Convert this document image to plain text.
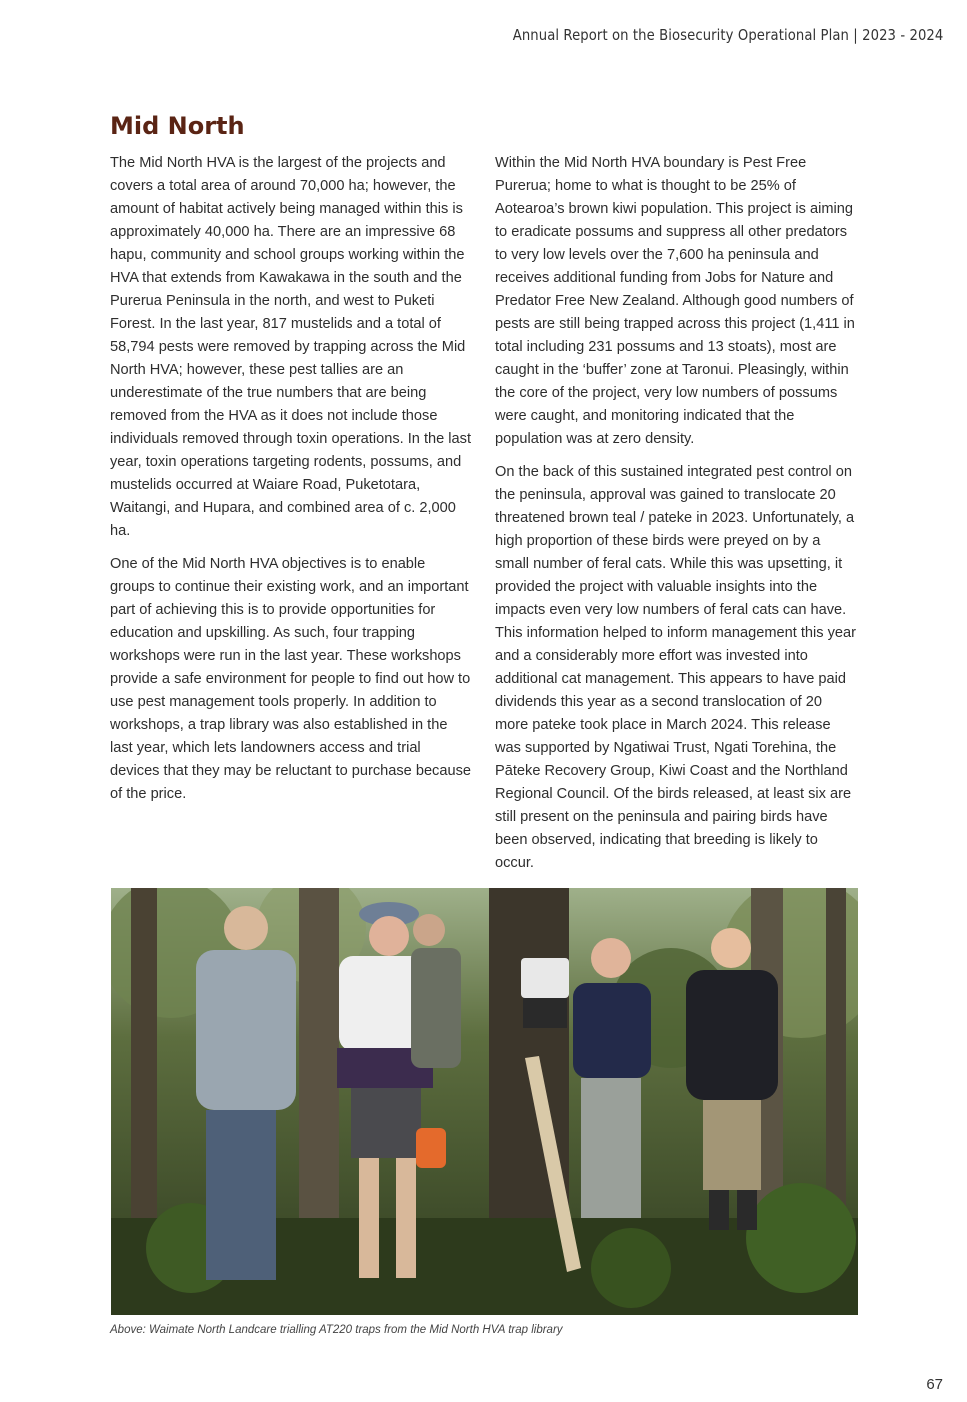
Annual Report on the Biosecurity Operational Plan | 2023 - 2024
Mid North

The Mid North HVA is the largest of the projects and covers a total area of around 70,000 ha; however, the amount of habitat actively being managed within this is approximately 40,000 ha. There are an impressive 68 hapu, community and school groups working within the HVA that extends from Kawakawa in the south and the Purerua Peninsula in the north, and west to Puketi Forest. In the last year, 817 mustelids and a total of 58,794 pests were removed by trapping across the Mid North HVA; however, these pest tallies are an underestimate of the true numbers that are being removed from the HVA as it does not include those individuals removed through toxin operations. In the last year, toxin operations targeting rodents, possums, and mustelids occurred at Waiare Road, Puketotara, Waitangi, and Hupara, and combined area of c. 2,000 ha.

One of the Mid North HVA objectives is to enable groups to continue their existing work, and an important part of achieving this is to provide opportunities for education and upskilling. As such, four trapping workshops were run in the last year. These workshops provide a safe environment for people to find out how to use pest management tools properly. In addition to workshops, a trap library was also established in the last year, which lets landowners access and trial devices that they may be reluctant to purchase because of the price.

Within the Mid North HVA boundary is Pest Free Purerua; home to what is thought to be 25% of Aotearoa’s brown kiwi population. This project is aiming to eradicate possums and suppress all other predators to very low levels over the 7,600 ha peninsula and receives additional funding from Jobs for Nature and Predator Free New Zealand. Although good numbers of pests are still being trapped across this project (1,411 in total including 231 possums and 13 stoats), most are caught in the ‘buffer’ zone at Taronui. Pleasingly, within the core of the project, very low numbers of possums were caught, and monitoring indicated that the population was at zero density.

On the back of this sustained integrated pest control on the peninsula, approval was gained to translocate 20 threatened brown teal / pateke in 2023. Unfortunately, a high proportion of these birds were preyed on by a small number of feral cats. While this was upsetting, it provided the project with valuable insights into the impacts even very low numbers of feral cats can have. This information helped to inform management this year and a considerably more effort was invested into additional cat management. This appears to have paid dividends this year as a second translocation of 20 more pateke took place in March 2024. This release was supported by Ngatiwai Trust, Ngati Torehina, the Pāteke Recovery Group, Kiwi Coast and the Northland Regional Council. Of the birds released, at least six are still present on the peninsula and pairing birds have been observed, indicating that breeding is likely to occur.

Above: Waimate North Landcare trialling AT220 traps from the Mid North HVA trap library
67
